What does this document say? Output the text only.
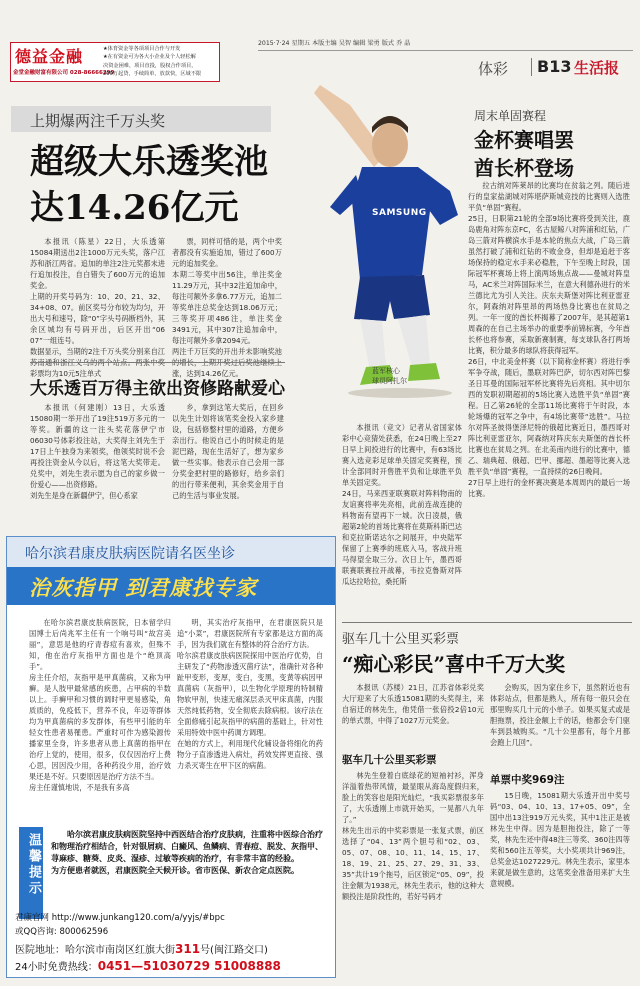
德益金融
金堂金融财富有限公司 028-86666299
★体育资金等各项项目合作与开发
★在有资金可为各大小企业及个人轻松解
决资金困难，项目直投，股权合作项目，
200万起贷，手续简单，放款快，区域不限
2015·7·24 星期五 本版主编 吴智 编辑 梁勇 版式 乔 晶
体彩 B13 生活报
上期爆两注千万头奖
超级大乐透奖池
达14.26亿元

本报讯（陈星）22日，大乐透第15084期送出2注1000万元头奖，落户江苏和浙江两省。追加的单注2注元奖都未进行追加投注，自白错失了600万元的追加奖金。
上期的开奖号码为：10、20、21、32、34+08、07。前区奖号分布较为均匀，开出大号和速号，除“0”字头号码断档外，其余区城均有号码开出，后区开出“06 07”一组连号。
数据显示，当期的2注千万头奖分别来自江 彩票均为10元5注单式

票，同样可惜的是，两个中奖者都没有实施追加，错过了600万元的追加奖金。
本期二等奖中出56注，单注奖金11.29万元，其中32注追加命中，每注可额外多拿6.77万元，追加二等奖单注总奖金达到18.06万元；三等奖开项486注，单注奖金3491元，其中307注追加命中，每注可额外多拿2094元。
两注千万巨奖的开出并未影响奖池 涨，达到14.26亿元。

大乐透百万得主欲出资修路献爱心

本报讯（何建刚）13日，大乐透15080期一举开出了19注519万多元的一等奖。新疆的这一注头奖花落伊宁市06030号体彩投注站，大奖得主刘先生于17日上午独身为来领奖，他领奖时说不会再投注资金从今以后，将这笔大奖带走。兑奖中，刘先生表示愿为自己的家乡做一份爱心——出资修路。
刘先生是身在新疆伊宁，但心系家

乡，拿到这笔大奖后，在回乡以先生计划将该笔奖金投入家乡建设，包括修整村里的道路，方便乡亲出行。他说自己小的时候走的是泥巴路，现在生活好了，想为家乡做一些实事。他表示自己会用一部分奖金把村里的路修好，给乡亲们的出行带来便利，其余奖金用于自己的生活与事业发展。

周末单固赛程
金杯赛唱罢
酋长杯登场
SAMSUNG
蓝军核心
球员阿扎尔

本报讯（竞文）记者从省国家体彩中心竞猜处获悉，在24日晚上至27日早上间投进行的比赛中，有63场比赛入选竞彩足球单关固定奖赛程，预计全部同时开售胜平负和让球胜平负单关固定奖。
24日，马来西亚联赛联对阵料物南的友谊赛将率先亮相，此前连战连捷的料物南有望再下一城。次日凌晨，俄超第2轮的首场比赛将在莫斯科斯巴达和克拉斯诺达尔之间展开，中央陆军保留了上赛季的班底入马，客战升班马得望全取三分。次日上午，墨西哥联赛联赛拉开战幕，韦拉克鲁斯对阵瓜达拉哈拉，桑托斯

拉古纳对阵莱昂的比赛均在贫翁之列。随后进行的皇家盐湖城对阵堪萨斯城竞技的比赛则入选胜平负“单固”赛程。
25日，日职第21轮的全部9场比赛将受到关注，鹿岛鹿角对阵东京FC，名古屋鲸八对阵浦和红钻，广岛三箭对阵横滨水手是本轮的焦点大战，广岛三箭虽然打破了浦和红钻的不败金身，但却是追赶于客场保持的稳定水手来必稳胜，下午至晚上时段，国际冠军杯赛场上将上演两场焦点战——曼城对阵皇马，AC米兰对阵国际米兰，在意大利德孙进行的米兰德比尤为引人关注。庆东夫斯堡对阵比利亚雷亚尔，阿森纳对阵里昂的两场热身比赛也在贫局之列。一年一度的酋长杯揭幕了2007年，是其超第1周森的在自己主场举办的重要季前锦标赛，今年酋长杯也将参赛，采取新赛制赛，每支球队各打两场比赛，积分最多的球队将获得冠军。
26日，中北美金杯赛（以下简称金杯赛）将进行季军争夺战，随后，墨联对阵巴萨，切尔西对阵巴黎圣日耳曼的国际冠军杯比赛将先后亮相。其中切尔西的发职初期超初的5场比赛入选胜平负“单固”赛程。日乙第26轮的全部11场比赛将于午时段，本轮场爆的冠军之争中，有4场比赛带“选胜”。马拉尔对阵圣彼得堡泽尼特的俄超比赛近日，墨西哥对阵比利亚雷亚尔，阿森纳对阵庆东夫斯堡的酋长杯比赛也在贫局之列。在北美南内进行的比赛中，德乙、瑞典超、俄超、巴甲、挪超、墨超等比赛入选胜平负“单固”赛程，一直持续的26日晚间。
27日早上进行的金杯赛决赛是本周周内的最后一场比赛。

哈尔滨君康皮肤病医院请名医坐诊
治灰指甲 到君康找专家

在哈尔滨君康皮肤病医院，日本留学归国博士后尚兆军主任有一个响号叫“故宫美丽”，意思是他的疗青春痘有喜欢，但殊不知，他在治疗灰指甲方面也是个“绝顶高手”。
房主任介绍，灰指甲是甲真菌病，又称为甲癣。是人肢甲最常感的疾患，占甲病的半数以上。手癣甲和习惯的调时甲更易感染，角质质的，免疫低下，营养不良，年迈等群体均为甲真菌病的多发群体，有些甲引能的年轻女性患者易罹患。严重时可作为感染源传播家里全身，许多患者从患上真菌的指甲在治疗上觉的，使用，很多，仅仅因治疗上费心思，因因没少用，各种药没少用，治疗效果还是不好。只要原因是治疗方法不当。
房主任谨慎地说，不是我有多高

明，其实治疗灰指甲，在君康医院只是追“小菜”，君康医院所有专家都是这方面的高手，因为我们就在有整体的符合治疗方法。
哈尔滨君康皮肤病医院探用中医治疗优势，自主研发了“药物渗透灭菌疗法”，准确针对各种趾甲变形，变厚，变白，变黑，变黄等病因甲真菌病（灰指甲），以生物化学原理的特制精物软甲剂，快速无痛深层杀灭甲床真菌，内服天然纯低药物，安全彻底去除病根。该疗法在全面修痛引起灰指甲的病菌的基础上，针对性采用特效中医中药调方调理。
在她的方式上，利用现代化辅设备将细化的药物分子直渗透进入病灶，药效发挥更直接、强力杀灭寄生在甲下区的病菌。

温馨提示	哈尔滨君康皮肤病医院坚持中西医结合治疗皮肤病，注重将中医综合治疗和物理治疗相结合，针对银屑病、白癜风、鱼鳞病、青春痘、脱发、灰指甲、荨麻疹、糖葵、皮炎、湿疹、过敏等疾病的治疗，有非常丰富的经验。
为方便患者就医，君康医院全天候开诊。省市医保、新农合定点医院。

君康官网 http://www.junkang120.com/a/yyjs/#bpc
或QQ咨询: 800062596
医院地址：哈尔滨市南岗区红旗大街311号(闽江路交口)
24小时免费热线：0451—51030729 51008888
驱车几十公里买彩票
“痴心彩民”喜中千万大奖

本报讯（苏楼）21日，江苏省体彩兑奖大厅迎来了大乐透15081期的头奖得主，来自宿迁的林先生，他凭借一张倍投2倍10元的单式票，中得了1027万元奖金。

驱车几十公里买彩票

林先生登着白底绿花的短袖衬衫，浑身洋溢着热带风情，最显眼从海岛度假归来，脸上的笑容也是阳光灿烂，“我买彩票很多年了，大乐透刚上市就开始买，一晃都八九年了。”
林先生出示的中奖彩票是一张复式票，前区选择了“04、13”两个胆号和“02、03、05、07、08、10、11、14、15、17、18、19、21、25、27、29、31、33、35”共计19个拖号，后区锁定“05、09”，投注金额为1938元，林先生表示，他的这种大额投注是阶段性的，若好号码才

会购买，因为家住乡下，虽然附近也有体彩站点，但都是熟人，所有每一般只会在那里购买几十元的小单子。如果买复式或是胆拖票，投注金额上千的话，他都会专门驱车到县城购买。“几十公里都有，每个月都会跑上几回”。

单票中奖969注

15日晚，15081期大乐透开出中奖号码“03、04、10、13、17+05、09”，全国中出13注919万元头奖，其中1注正是被林先生中得。因为是胆拖投注，除了一等奖，林先生还中得48注三等奖、360注四等奖和560注五等奖，大小奖项共计969注，总奖金达1027229元。林先生表示，家里本来就是做生意的，这笔奖金准备用来扩大生意规模。
